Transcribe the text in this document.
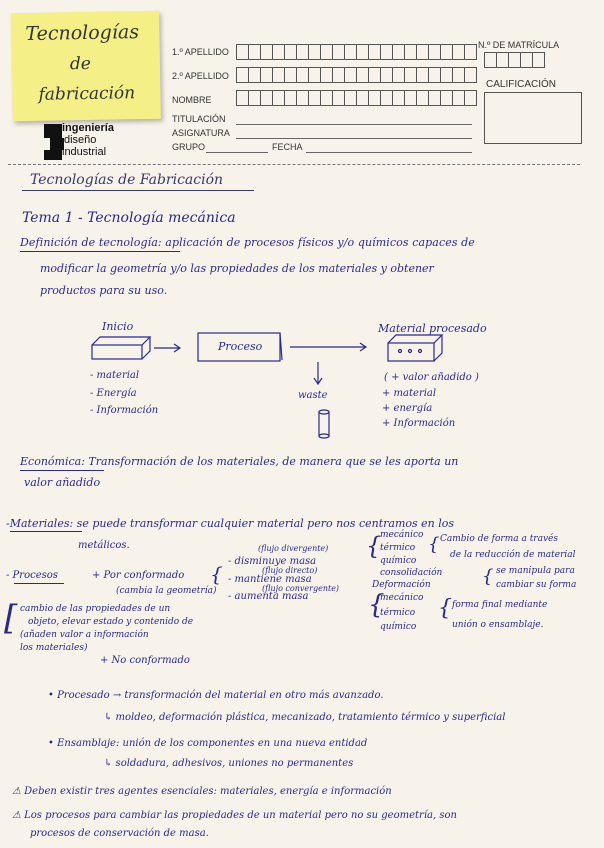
Tecnologías
de
fabricación
1.º APELLIDO
2.º APELLIDO
NOMBRE
TITULACIÓN
ASIGNATURA
GRUPO	FECHA
N.º DE MATRÍCULA
CALIFICACIÓN
ingeniería
diseño
industrial
Tecnologías de Fabricación
Tema 1 - Tecnología mecánica
Definición de tecnología: aplicación de procesos físicos y/o químicos capaces de
modificar la geometría y/o las propiedades de los materiales y obtener
productos para su uso.
Inicio
Proceso
Material procesado
- material
- Energía
- Información
( + valor añadido )
+ material
+ energía
+ Información
waste
Económica: Transformación de los materiales, de manera que se les aporta un
valor añadido
-Materiales: se puede transformar cualquier material pero nos centramos en los
metálicos.
- Procesos	+ Por conformado
(cambia la geometría)
{
(flujo divergente)
- disminuye masa
(flujo directo)
- mantiene masa
(flujo convergente)
- aumenta masa
{
mecánico
térmico
químico
{ Cambio de forma a través
de la reducción de material
consolidación
Deformación	{ se manipula para
cambiar su forma
{
mecánico
térmico
químico
{ forma final mediante
unión o ensamblaje.
[ cambio de las propiedades de un
objeto, elevar estado y contenido de
(añaden valor a información
los materiales)
+ No conformado
• Procesado → transformación del material en otro más avanzado.
↳ moldeo, deformación plástica, mecanizado, tratamiento térmico y superficial
• Ensamblaje: unión de los componentes en una nueva entidad
↳ soldadura, adhesivos, uniones no permanentes
⚠ Deben existir tres agentes esenciales: materiales, energía e información
⚠ Los procesos para cambiar las propiedades de un material pero no su geometría, son
procesos de conservación de masa.
